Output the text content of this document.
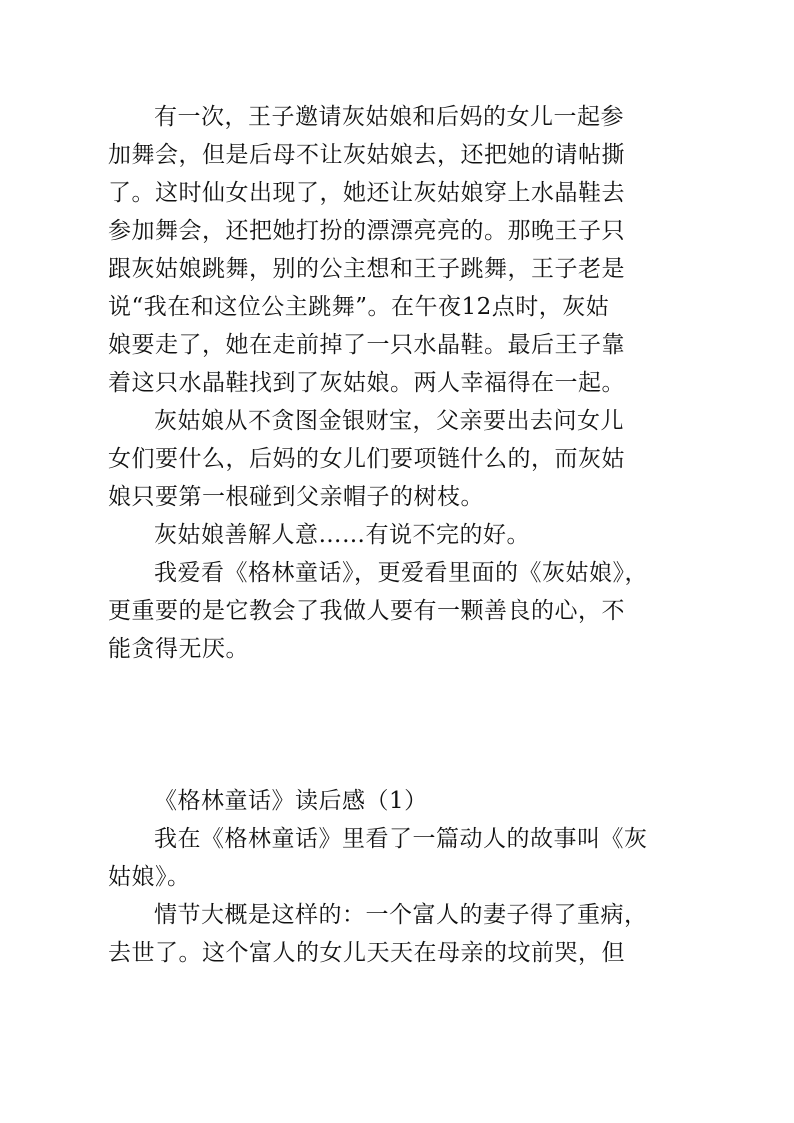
有一次，王子邀请灰姑娘和后妈的女儿一起参
加舞会，但是后母不让灰姑娘去，还把她的请帖撕
了。这时仙女出现了，她还让灰姑娘穿上水晶鞋去
参加舞会，还把她打扮的漂漂亮亮的。那晚王子只
跟灰姑娘跳舞，别的公主想和王子跳舞，王子老是
说“我在和这位公主跳舞”。在午夜12点时，灰姑
娘要走了，她在走前掉了一只水晶鞋。最后王子靠
着这只水晶鞋找到了灰姑娘。两人幸福得在一起。
灰姑娘从不贪图金银财宝，父亲要出去问女儿
女们要什么，后妈的女儿们要项链什么的，而灰姑
娘只要第一根碰到父亲帽子的树枝。
灰姑娘善解人意……有说不完的好。
我爱看《格林童话》，更爱看里面的《灰姑娘》，
更重要的是它教会了我做人要有一颗善良的心，不
能贪得无厌。
《格林童话》读后感（1）
我在《格林童话》里看了一篇动人的故事叫《灰
姑娘》。
情节大概是这样的：一个富人的妻子得了重病，
去世了。这个富人的女儿天天在母亲的坟前哭，但
